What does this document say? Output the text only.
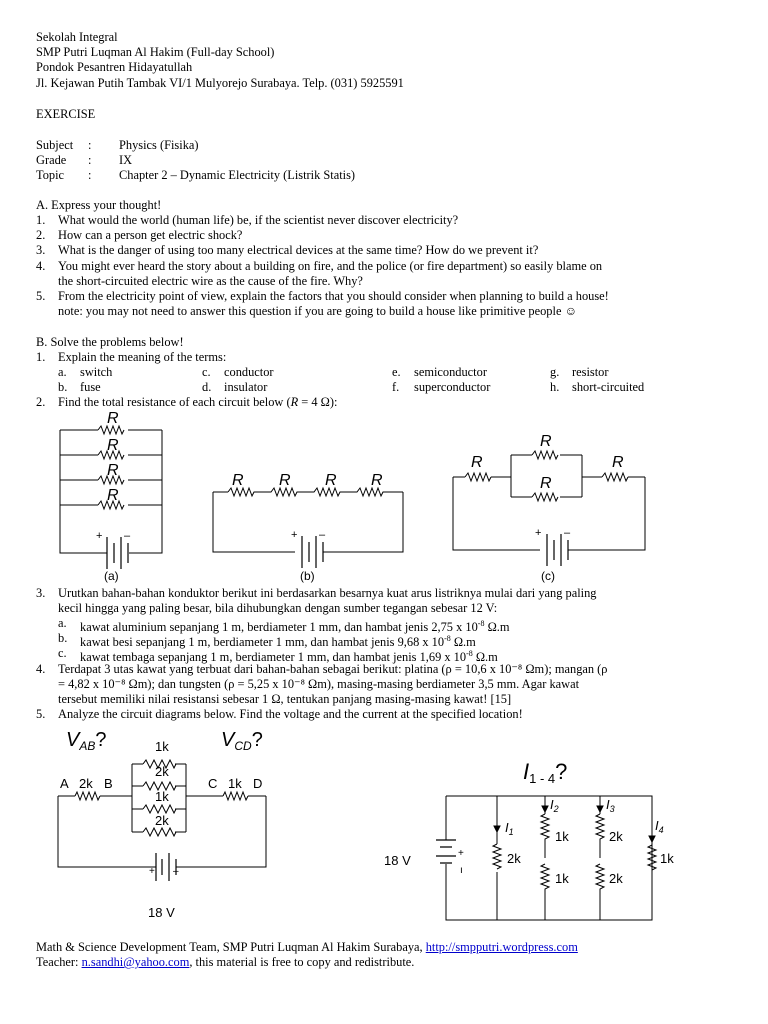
Sekolah Integral
SMP Putri Luqman Al Hakim (Full-day School)
Pondok Pesantren Hidayatullah
Jl. Kejawan Putih Tambak VI/1 Mulyorejo Surabaya. Telp. (031) 5925591
EXERCISE
Subject : Physics (Fisika)
Grade : IX
Topic : Chapter 2 – Dynamic Electricity (Listrik Statis)
A. Express your thought!
1. What would the world (human life) be, if the scientist never discover electricity?
2. How can a person get electric shock?
3. What is the danger of using too many electrical devices at the same time? How do we prevent it?
4. You might ever heard the story about a building on fire, and the police (or fire department) so easily blame on
the short-circuited electric wire as the cause of the fire. Why?
5. From the electricity point of view, explain the factors that you should consider when planning to build a house!
note: you may not need to answer this question if you are going to build a house like primitive people ☺
B. Solve the problems below!
1. Explain the meaning of the terms:
a. switch	c. conductor	e. semiconductor	g. resistor
b. fuse	d. insulator	f. superconductor	h. short-circuited
2. Find the total resistance of each circuit below (R = 4 Ω):
R
R
R
R
R R R R
R
R
R
R
+ –	+ –	+ –
(a)	(b)	(c)
3. Urutkan bahan-bahan konduktor berikut ini berdasarkan besarnya kuat arus listriknya mulai dari yang paling
kecil hingga yang paling besar, bila dihubungkan dengan sumber tegangan sebesar 12 V:
a. kawat aluminium sepanjang 1 m, berdiameter 1 mm, dan hambat jenis 2,75 x $10^{-8}$ Ω.m
b. kawat besi sepanjang 1 m, berdiameter 1 mm, dan hambat jenis 9,68 x $10^{-8}$ Ω.m
c. kawat tembaga sepanjang 1 m, berdiameter 1 mm, dan hambat jenis 1,69 x $10^{-8}$ Ω.m
4. Terdapat 3 utas kawat yang terbuat dari bahan-bahan sebagai berikut: platina (ρ = 10,6 x 10⁻⁸ Ωm); mangan (ρ
= 4,82 x 10⁻⁸ Ωm); dan tungsten (ρ = 5,25 x 10⁻⁸ Ωm), masing-masing berdiameter 3,5 mm. Agar kawat
tersebut memiliki nilai resistansi sebesar 1 Ω, tentukan panjang masing-masing kawat! [15]
5. Analyze the circuit diagrams below. Find the voltage and the current at the specified location!
$V_{AB}$?	$V_{CD}$?
A 2k B	C 1k D
1k
2k
1k
2k
18 V
+ –
I1 - 4?
18 V	+
ı
$I_1$
$I_2$	$I_3$
$I_4$
2k
1k
1k
2k
2k
1k
Math & Science Development Team, SMP Putri Luqman Al Hakim Surabaya, http://smpputri.wordpress.com
Teacher: n.sandhi@yahoo.com, this material is free to copy and redistribute.
